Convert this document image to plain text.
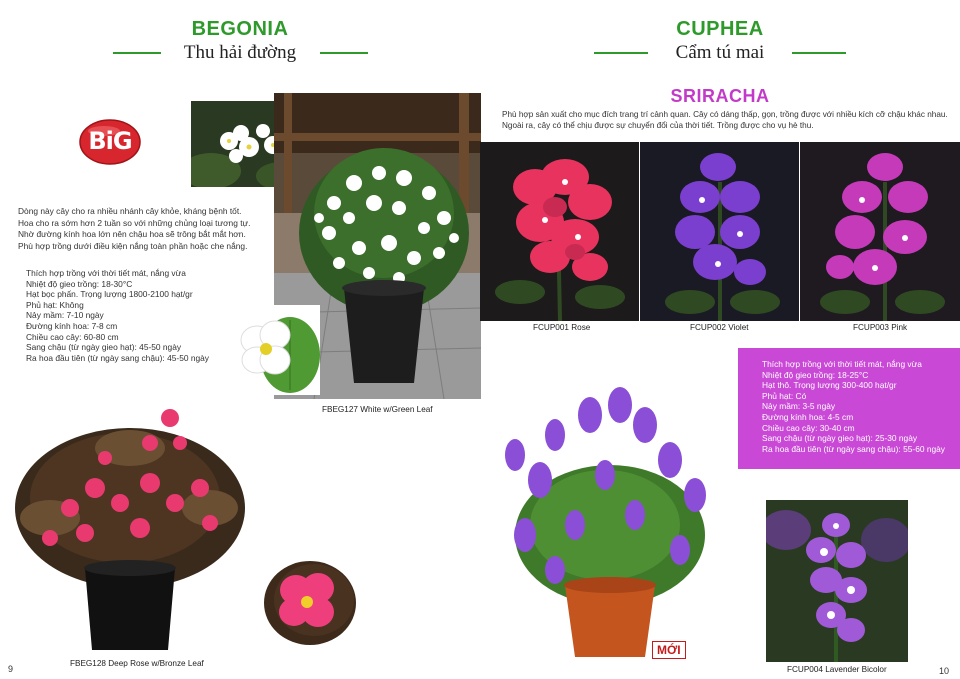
BEGONIA
Thu hải đường
BiG
FBEG127 White w/Green Leaf
Dòng này cây cho ra nhiều nhánh cây khỏe, kháng bệnh tốt.
Hoa cho ra sớm hơn 2 tuần so với những chủng loại tương tự.
Nhờ đường kính hoa lớn nên chậu hoa sẽ trông bắt mắt hơn.
Phù hợp trồng dưới điều kiện nắng toàn phần hoặc che nắng.
Thích hợp trồng với thời tiết mát, nắng vừa
Nhiệt độ gieo trồng: 18-30°C
Hạt bọc phấn. Trọng lượng 1800-2100 hạt/gr
Phủ hạt: Không
Nảy mầm: 7-10 ngày
Đường kính hoa: 7-8 cm
Chiều cao cây: 60-80 cm
Sang chậu (từ ngày gieo hạt): 45-50 ngày
Ra hoa đầu tiên (từ ngày sang chậu): 45-50 ngày
FBEG128 Deep Rose w/Bronze Leaf
9
CUPHEA
Cẩm tú mai
SRIRACHA
Phù hợp sản xuất cho mục đích trang trí cảnh quan. Cây có dáng thấp, gọn, trồng được với nhiều kích cỡ chậu khác nhau. Ngoài ra, cây có thể chịu được sự chuyển đổi của thời tiết. Trồng được cho vụ hè thu.
FCUP001 Rose	FCUP002 Violet	FCUP003 Pink
Thích hợp trồng với thời tiết mát, nắng vừa
Nhiệt độ gieo trồng: 18-25°C
Hạt thô. Trọng lượng 300-400 hạt/gr
Phủ hạt: Có
Nảy mầm: 3-5 ngày
Đường kính hoa: 4-5 cm
Chiều cao cây: 30-40 cm
Sang chậu (từ ngày gieo hạt): 25-30 ngày
Ra hoa đầu tiên (từ ngày sang chậu): 55-60 ngày
MỚI
FCUP004 Lavender Bicolor	10
